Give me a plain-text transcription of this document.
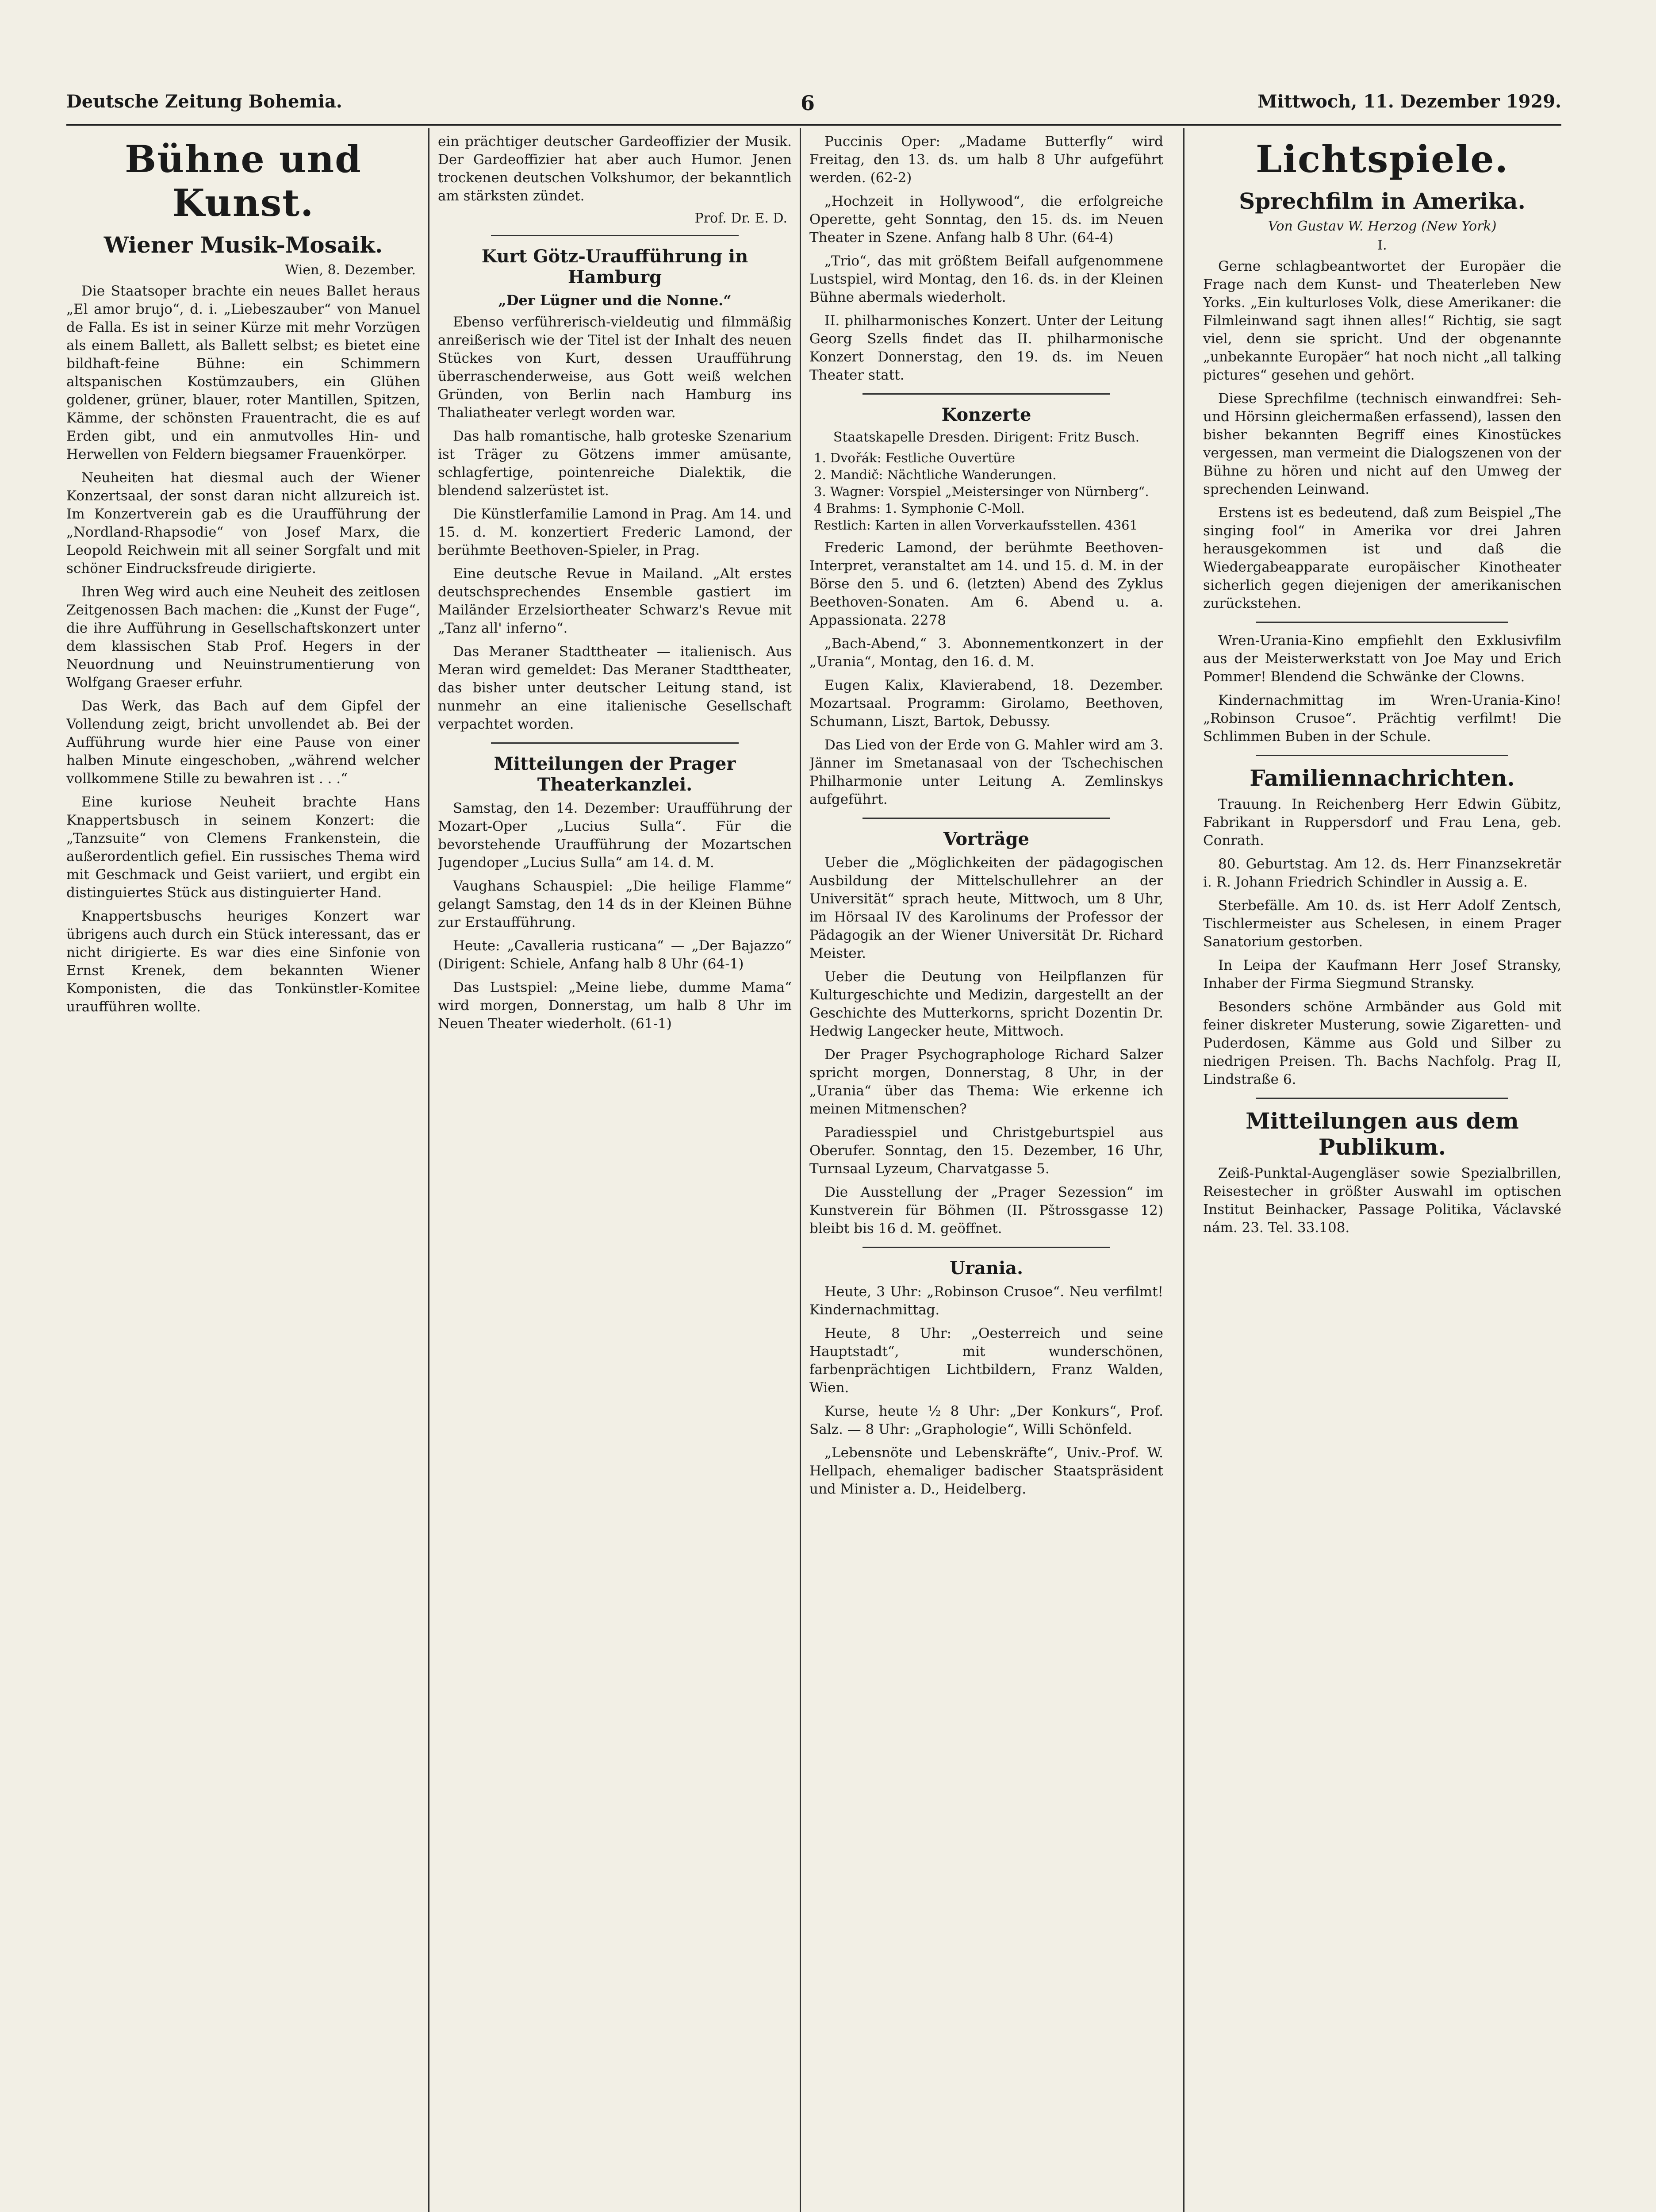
Deutsche Zeitung Bohemia.	6	Mittwoch, 11. Dezember 1929.
Bühne und Kunst.
Wiener Musik-Mosaik.
Wien, 8. Dezember.

Die Staatsoper brachte ein neues Ballet heraus „El amor brujo“, d. i. „Liebeszauber“ von Manuel de Falla. Es ist in seiner Kürze mit mehr Vorzügen als einem Ballett, als Ballett selbst; es bietet eine bildhaft-feine Bühne: ein Schimmern altspanischen Kostümzaubers, ein Glühen goldener, grüner, blauer, roter Mantillen, Spitzen, Kämme, der schönsten Frauentracht, die es auf Erden gibt, und ein anmutvolles Hin- und Herwellen von Feldern biegsamer Frauenkörper.

Neuheiten hat diesmal auch der Wiener Konzertsaal, der sonst daran nicht allzureich ist. Im Konzertverein gab es die Uraufführung der „Nordland-Rhapsodie“ von Josef Marx, die Leopold Reichwein mit all seiner Sorgfalt und mit schöner Eindrucksfreude dirigierte.

Ihren Weg wird auch eine Neuheit des zeitlosen Zeitgenossen Bach machen: die „Kunst der Fuge“, die ihre Aufführung in Gesellschaftskonzert unter dem klassischen Stab Prof. Hegers in der Neuordnung und Neuinstrumentierung von Wolfgang Graeser erfuhr.

Das Werk, das Bach auf dem Gipfel der Vollendung zeigt, bricht unvollendet ab. Bei der Aufführung wurde hier eine Pause von einer halben Minute eingeschoben, „während welcher vollkommene Stille zu bewahren ist . . .“

Eine kuriose Neuheit brachte Hans Knappertsbusch in seinem Konzert: die „Tanzsuite“ von Clemens Frankenstein, die außerordentlich gefiel. Ein russisches Thema wird mit Geschmack und Geist variiert, und ergibt ein distinguiertes Stück aus distinguierter Hand.

Knappertsbuschs heuriges Konzert war übrigens auch durch ein Stück interessant, das er nicht dirigierte. Es war dies eine Sinfonie von Ernst Krenek, dem bekannten Wiener Komponisten, die das Tonkünstler-Komitee uraufführen wollte.

ein prächtiger deutscher Gardeoffizier der Musik. Der Gardeoffizier hat aber auch Humor. Jenen trockenen deutschen Volkshumor, der bekanntlich am stärksten zündet.

Prof. Dr. E. D.
Kurt Götz-Uraufführung in Hamburg
„Der Lügner und die Nonne.“

Ebenso verführerisch-vieldeutig und filmmäßig anreißerisch wie der Titel ist der Inhalt des neuen Stückes von Kurt, dessen Uraufführung überraschenderweise, aus Gott weiß welchen Gründen, von Berlin nach Hamburg ins Thaliatheater verlegt worden war.

Das halb romantische, halb groteske Szenarium ist Träger zu Götzens immer amüsante, schlagfertige, pointenreiche Dialektik, die blendend salzerüstet ist.

Die Künstlerfamilie Lamond in Prag. Am 14. und 15. d. M. konzertiert Frederic Lamond, der berühmte Beethoven-Spieler, in Prag.

Eine deutsche Revue in Mailand. „Alt erstes deutschsprechendes Ensemble gastiert im Mailänder Erzelsiortheater Schwarz's Revue mit „Tanz all' inferno“.

Das Meraner Stadttheater — italienisch. Aus Meran wird gemeldet: Das Meraner Stadttheater, das bisher unter deutscher Leitung stand, ist nunmehr an eine italienische Gesellschaft verpachtet worden.

Mitteilungen der Prager Theaterkanzlei.

Samstag, den 14. Dezember: Uraufführung der Mozart-Oper „Lucius Sulla“. Für die bevorstehende Uraufführung der Mozartschen Jugendoper „Lucius Sulla“ am 14. d. M.

Vaughans Schauspiel: „Die heilige Flamme“ gelangt Samstag, den 14 ds in der Kleinen Bühne zur Erstaufführung.

Heute: „Cavalleria rusticana“ — „Der Bajazzo“ (Dirigent: Schiele, Anfang halb 8 Uhr (64-1)

Das Lustspiel: „Meine liebe, dumme Mama“ wird morgen, Donnerstag, um halb 8 Uhr im Neuen Theater wiederholt. (61-1)

Puccinis Oper: „Madame Butterfly“ wird Freitag, den 13. ds. um halb 8 Uhr aufgeführt werden. (62-2)

„Hochzeit in Hollywood“, die erfolgreiche Operette, geht Sonntag, den 15. ds. im Neuen Theater in Szene. Anfang halb 8 Uhr. (64-4)

„Trio“, das mit größtem Beifall aufgenommene Lustspiel, wird Montag, den 16. ds. in der Kleinen Bühne abermals wiederholt.

II. philharmonisches Konzert. Unter der Leitung Georg Szells findet das II. philharmonische Konzert Donnerstag, den 19. ds. im Neuen Theater statt.

Konzerte
Staatskapelle Dresden. Dirigent: Fritz Busch.
1. Dvořák: Festliche Ouvertüre
2. Mandič: Nächtliche Wanderungen.
3. Wagner: Vorspiel „Meistersinger von Nürnberg“.
4 Brahms: 1. Symphonie C-Moll.
Restlich: Karten in allen Vorverkaufsstellen. 4361

Frederic Lamond, der berühmte Beethoven-Interpret, veranstaltet am 14. und 15. d. M. in der Börse den 5. und 6. (letzten) Abend des Zyklus Beethoven-Sonaten. Am 6. Abend u. a. Appassionata. 2278

„Bach-Abend,“ 3. Abonnementkonzert in der „Urania“, Montag, den 16. d. M.

Eugen Kalix, Klavierabend, 18. Dezember. Mozartsaal. Programm: Girolamo, Beethoven, Schumann, Liszt, Bartok, Debussy.

Das Lied von der Erde von G. Mahler wird am 3. Jänner im Smetanasaal von der Tschechischen Philharmonie unter Leitung A. Zemlinskys aufgeführt.

Vorträge

Ueber die „Möglichkeiten der pädagogischen Ausbildung der Mittelschullehrer an der Universität“ sprach heute, Mittwoch, um 8 Uhr, im Hörsaal IV des Karolinums der Professor der Pädagogik an der Wiener Universität Dr. Richard Meister.

Ueber die Deutung von Heilpflanzen für Kulturgeschichte und Medizin, dargestellt an der Geschichte des Mutterkorns, spricht Dozentin Dr. Hedwig Langecker heute, Mittwoch.

Der Prager Psychographologe Richard Salzer spricht morgen, Donnerstag, 8 Uhr, in der „Urania“ über das Thema: Wie erkenne ich meinen Mitmenschen?

Paradiesspiel und Christgeburtspiel aus Oberufer. Sonntag, den 15. Dezember, 16 Uhr, Turnsaal Lyzeum, Charvatgasse 5.

Die Ausstellung der „Prager Sezession“ im Kunstverein für Böhmen (II. Pštrossgasse 12) bleibt bis 16 d. M. geöffnet.

Urania.

Heute, 3 Uhr: „Robinson Crusoe“. Neu verfilmt! Kindernachmittag.

Heute, 8 Uhr: „Oesterreich und seine Hauptstadt“, mit wunderschönen, farbenprächtigen Lichtbildern, Franz Walden, Wien.

Kurse, heute ½ 8 Uhr: „Der Konkurs“, Prof. Salz. — 8 Uhr: „Graphologie“, Willi Schönfeld.

„Lebensnöte und Lebenskräfte“, Univ.-Prof. W. Hellpach, ehemaliger badischer Staatspräsident und Minister a. D., Heidelberg.

Lichtspiele.
Sprechfilm in Amerika.
Von Gustav W. Herzog (New York)
I.

Gerne schlagbeantwortet der Europäer die Frage nach dem Kunst- und Theaterleben New Yorks. „Ein kulturloses Volk, diese Amerikaner: die Filmleinwand sagt ihnen alles!“ Richtig, sie sagt viel, denn sie spricht. Und der obgenannte „unbekannte Europäer“ hat noch nicht „all talking pictures“ gesehen und gehört.

Diese Sprechfilme (technisch einwandfrei: Seh- und Hörsinn gleichermaßen erfassend), lassen den bisher bekannten Begriff eines Kinostückes vergessen, man vermeint die Dialogszenen von der Bühne zu hören und nicht auf den Umweg der sprechenden Leinwand.

Erstens ist es bedeutend, daß zum Beispiel „The singing fool“ in Amerika vor drei Jahren herausgekommen ist und daß die Wiedergabeapparate europäischer Kinotheater sicherlich gegen diejenigen der amerikanischen zurückstehen.

Wren-Urania-Kino empfiehlt den Exklusivfilm aus der Meisterwerkstatt von Joe May und Erich Pommer! Blendend die Schwänke der Clowns.

Kindernachmittag im Wren-Urania-Kino! „Robinson Crusoe“. Prächtig verfilmt! Die Schlimmen Buben in der Schule.

Familiennachrichten.

Trauung. In Reichenberg Herr Edwin Gübitz, Fabrikant in Ruppersdorf und Frau Lena, geb. Conrath.

80. Geburtstag. Am 12. ds. Herr Finanzsekretär i. R. Johann Friedrich Schindler in Aussig a. E.

Sterbefälle. Am 10. ds. ist Herr Adolf Zentsch, Tischlermeister aus Schelesen, in einem Prager Sanatorium gestorben.

In Leipa der Kaufmann Herr Josef Stransky, Inhaber der Firma Siegmund Stransky.

Besonders schöne Armbänder aus Gold mit feiner diskreter Musterung, sowie Zigaretten- und Puderdosen, Kämme aus Gold und Silber zu niedrigen Preisen. Th. Bachs Nachfolg. Prag II, Lindstraße 6.

Mitteilungen aus dem Publikum.

Zeiß-Punktal-Augengläser sowie Spezialbrillen, Reisestecher in größter Auswahl im optischen Institut Beinhacker, Passage Politika, Václavské nám. 23. Tel. 33.108.
